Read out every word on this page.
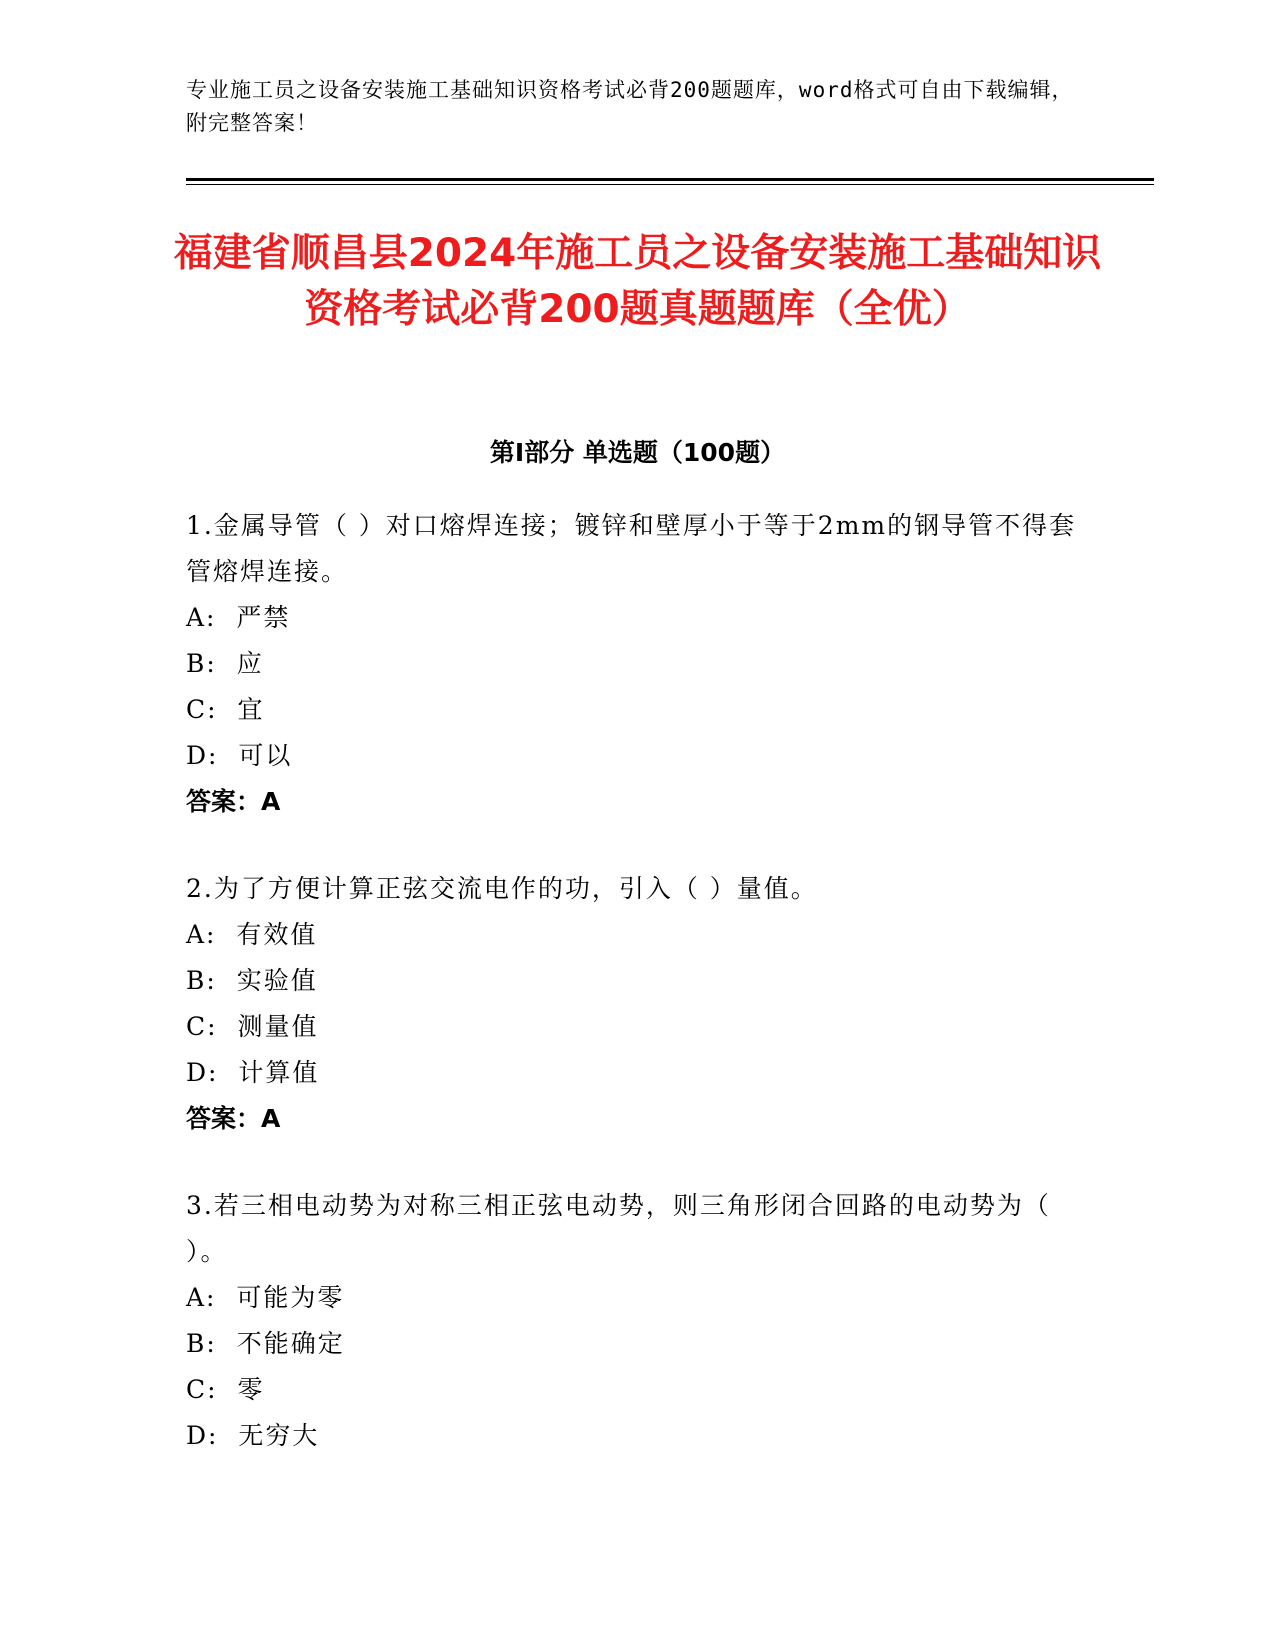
专业施工员之设备安装施工基础知识资格考试必背200题题库，word格式可自由下载编辑，附完整答案！
福建省顺昌县2024年施工员之设备安装施工基础知识资格考试必背200题真题题库（全优）
第Ⅰ部分 单选题（100题）

1.金属导管（ ）对口熔焊连接；镀锌和壁厚小于等于2mm的钢导管不得套管熔焊连接。

A:  严禁

B:  应

C:  宜

D:  可以

答案：A

2.为了方便计算正弦交流电作的功，引入（ ）量值。

A:  有效值

B:  实验值

C:  测量值

D:  计算值

答案：A

3.若三相电动势为对称三相正弦电动势，则三角形闭合回路的电动势为（ ）。

A:  可能为零

B:  不能确定

C:  零

D:  无穷大
